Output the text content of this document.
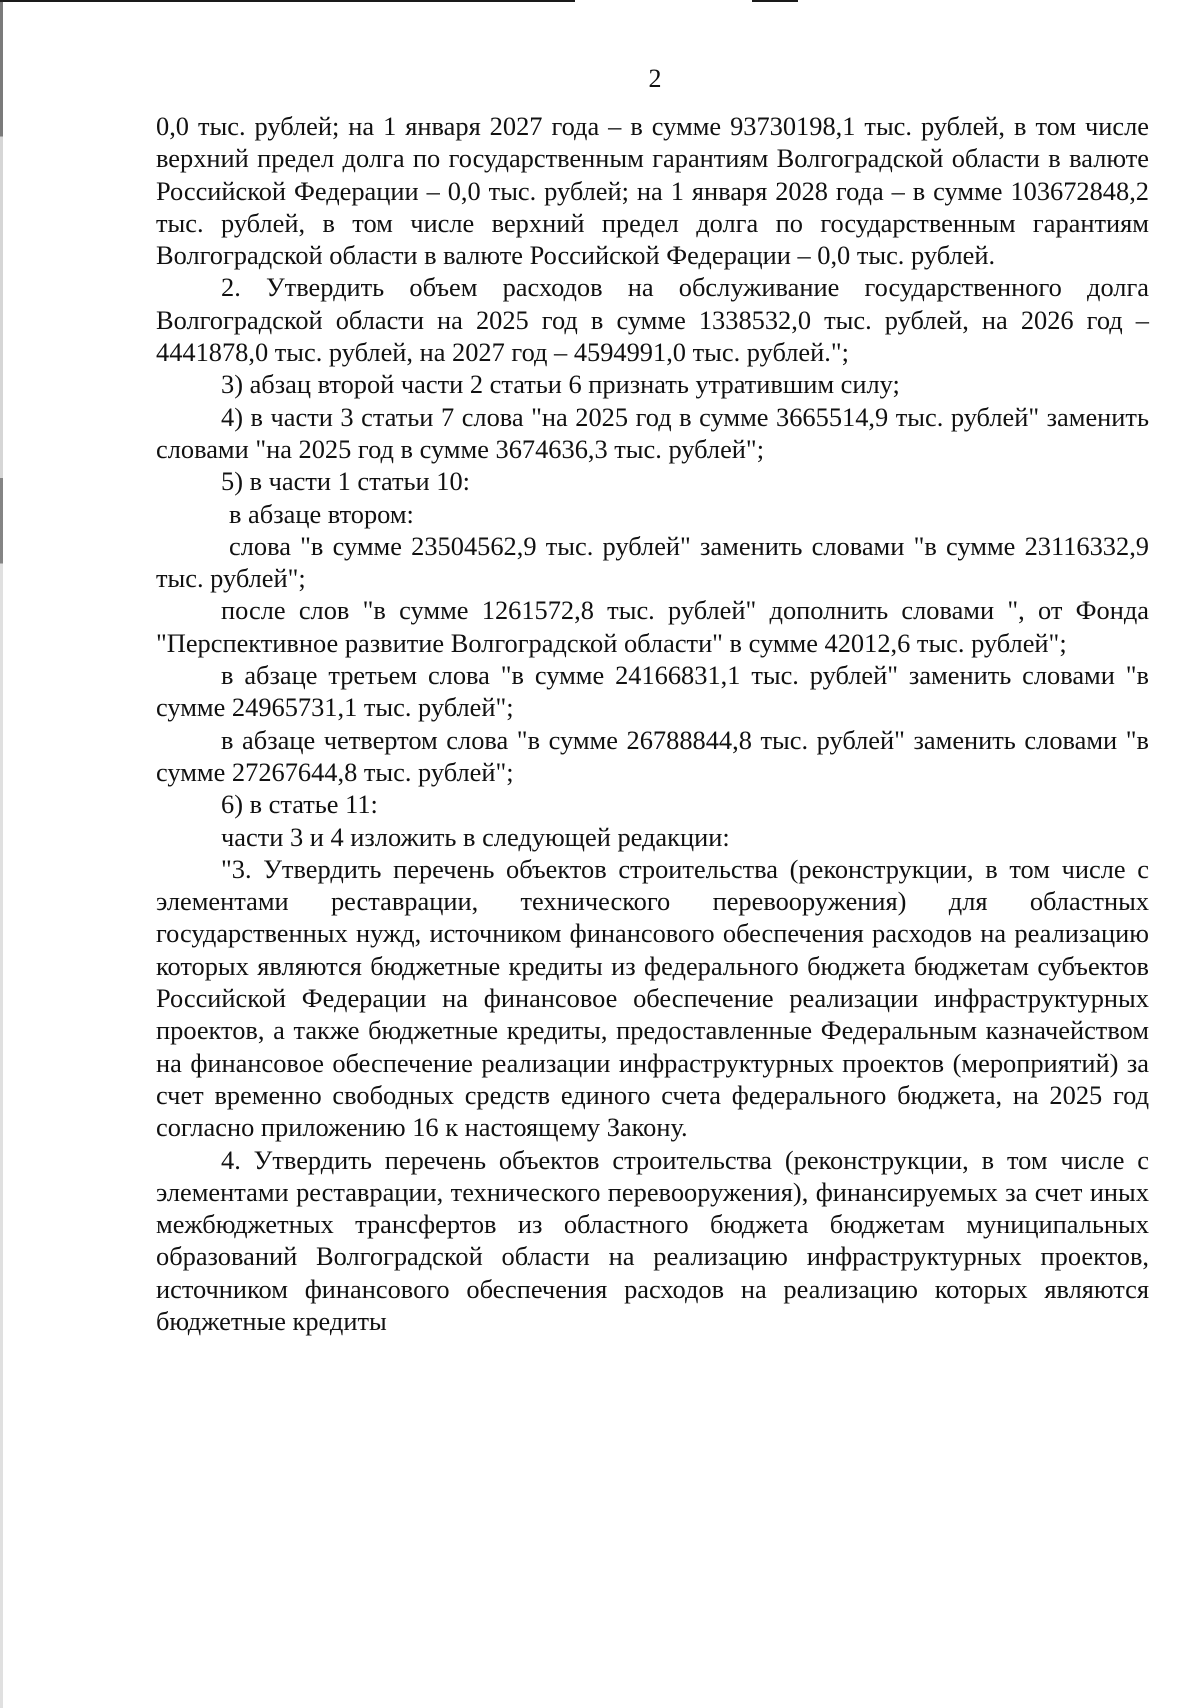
2

0,0 тыс. рублей; на 1 января 2027 года – в сумме 93730198,1 тыс. рублей, в том числе верхний предел долга по государственным гарантиям Волгоградской области в валюте Российской Федерации – 0,0 тыс. рублей; на 1 января 2028 года – в сумме 103672848,2 тыс. рублей, в том числе верхний предел долга по государственным гарантиям Волгоградской области в валюте Российской Федерации – 0,0 тыс. рублей.

2. Утвердить объем расходов на обслуживание государственного долга Волгоградской области на 2025 год в сумме 1338532,0 тыс. рублей, на 2026 год – 4441878,0 тыс. рублей, на 2027 год – 4594991,0 тыс. рублей.";

3) абзац второй части 2 статьи 6 признать утратившим силу;

4) в части 3 статьи 7 слова "на 2025 год в сумме 3665514,9 тыс. рублей" заменить словами "на 2025 год в сумме 3674636,3 тыс. рублей";

5) в части 1 статьи 10:

в абзаце втором:

слова "в сумме 23504562,9 тыс. рублей" заменить словами "в сумме 23116332,9 тыс. рублей";

после слов "в сумме 1261572,8 тыс. рублей" дополнить словами ", от Фонда "Перспективное развитие Волгоградской области" в сумме 42012,6 тыс. рублей";

в абзаце третьем слова "в сумме 24166831,1 тыс. рублей" заменить словами "в сумме 24965731,1 тыс. рублей";

в абзаце четвертом слова "в сумме 26788844,8 тыс. рублей" заменить словами "в сумме 27267644,8 тыс. рублей";

6) в статье 11:

части 3 и 4 изложить в следующей редакции:

"3. Утвердить перечень объектов строительства (реконструкции, в том числе с элементами реставрации, технического перевооружения) для областных государственных нужд, источником финансового обеспечения расходов на реализацию которых являются бюджетные кредиты из федерального бюджета бюджетам субъектов Российской Федерации на финансовое обеспечение реализации инфраструктурных проектов, а также бюджетные кредиты, предоставленные Федеральным казначейством на финансовое обеспечение реализации инфраструктурных проектов (мероприятий) за счет временно свободных средств единого счета федерального бюджета, на 2025 год согласно приложению 16 к настоящему Закону.

4. Утвердить перечень объектов строительства (реконструкции, в том числе с элементами реставрации, технического перевооружения), финансируемых за счет иных межбюджетных трансфертов из областного бюджета бюджетам муниципальных образований Волгоградской области на реализацию инфраструктурных проектов, источником финансового обеспечения расходов на реализацию которых являются бюджетные кредиты
